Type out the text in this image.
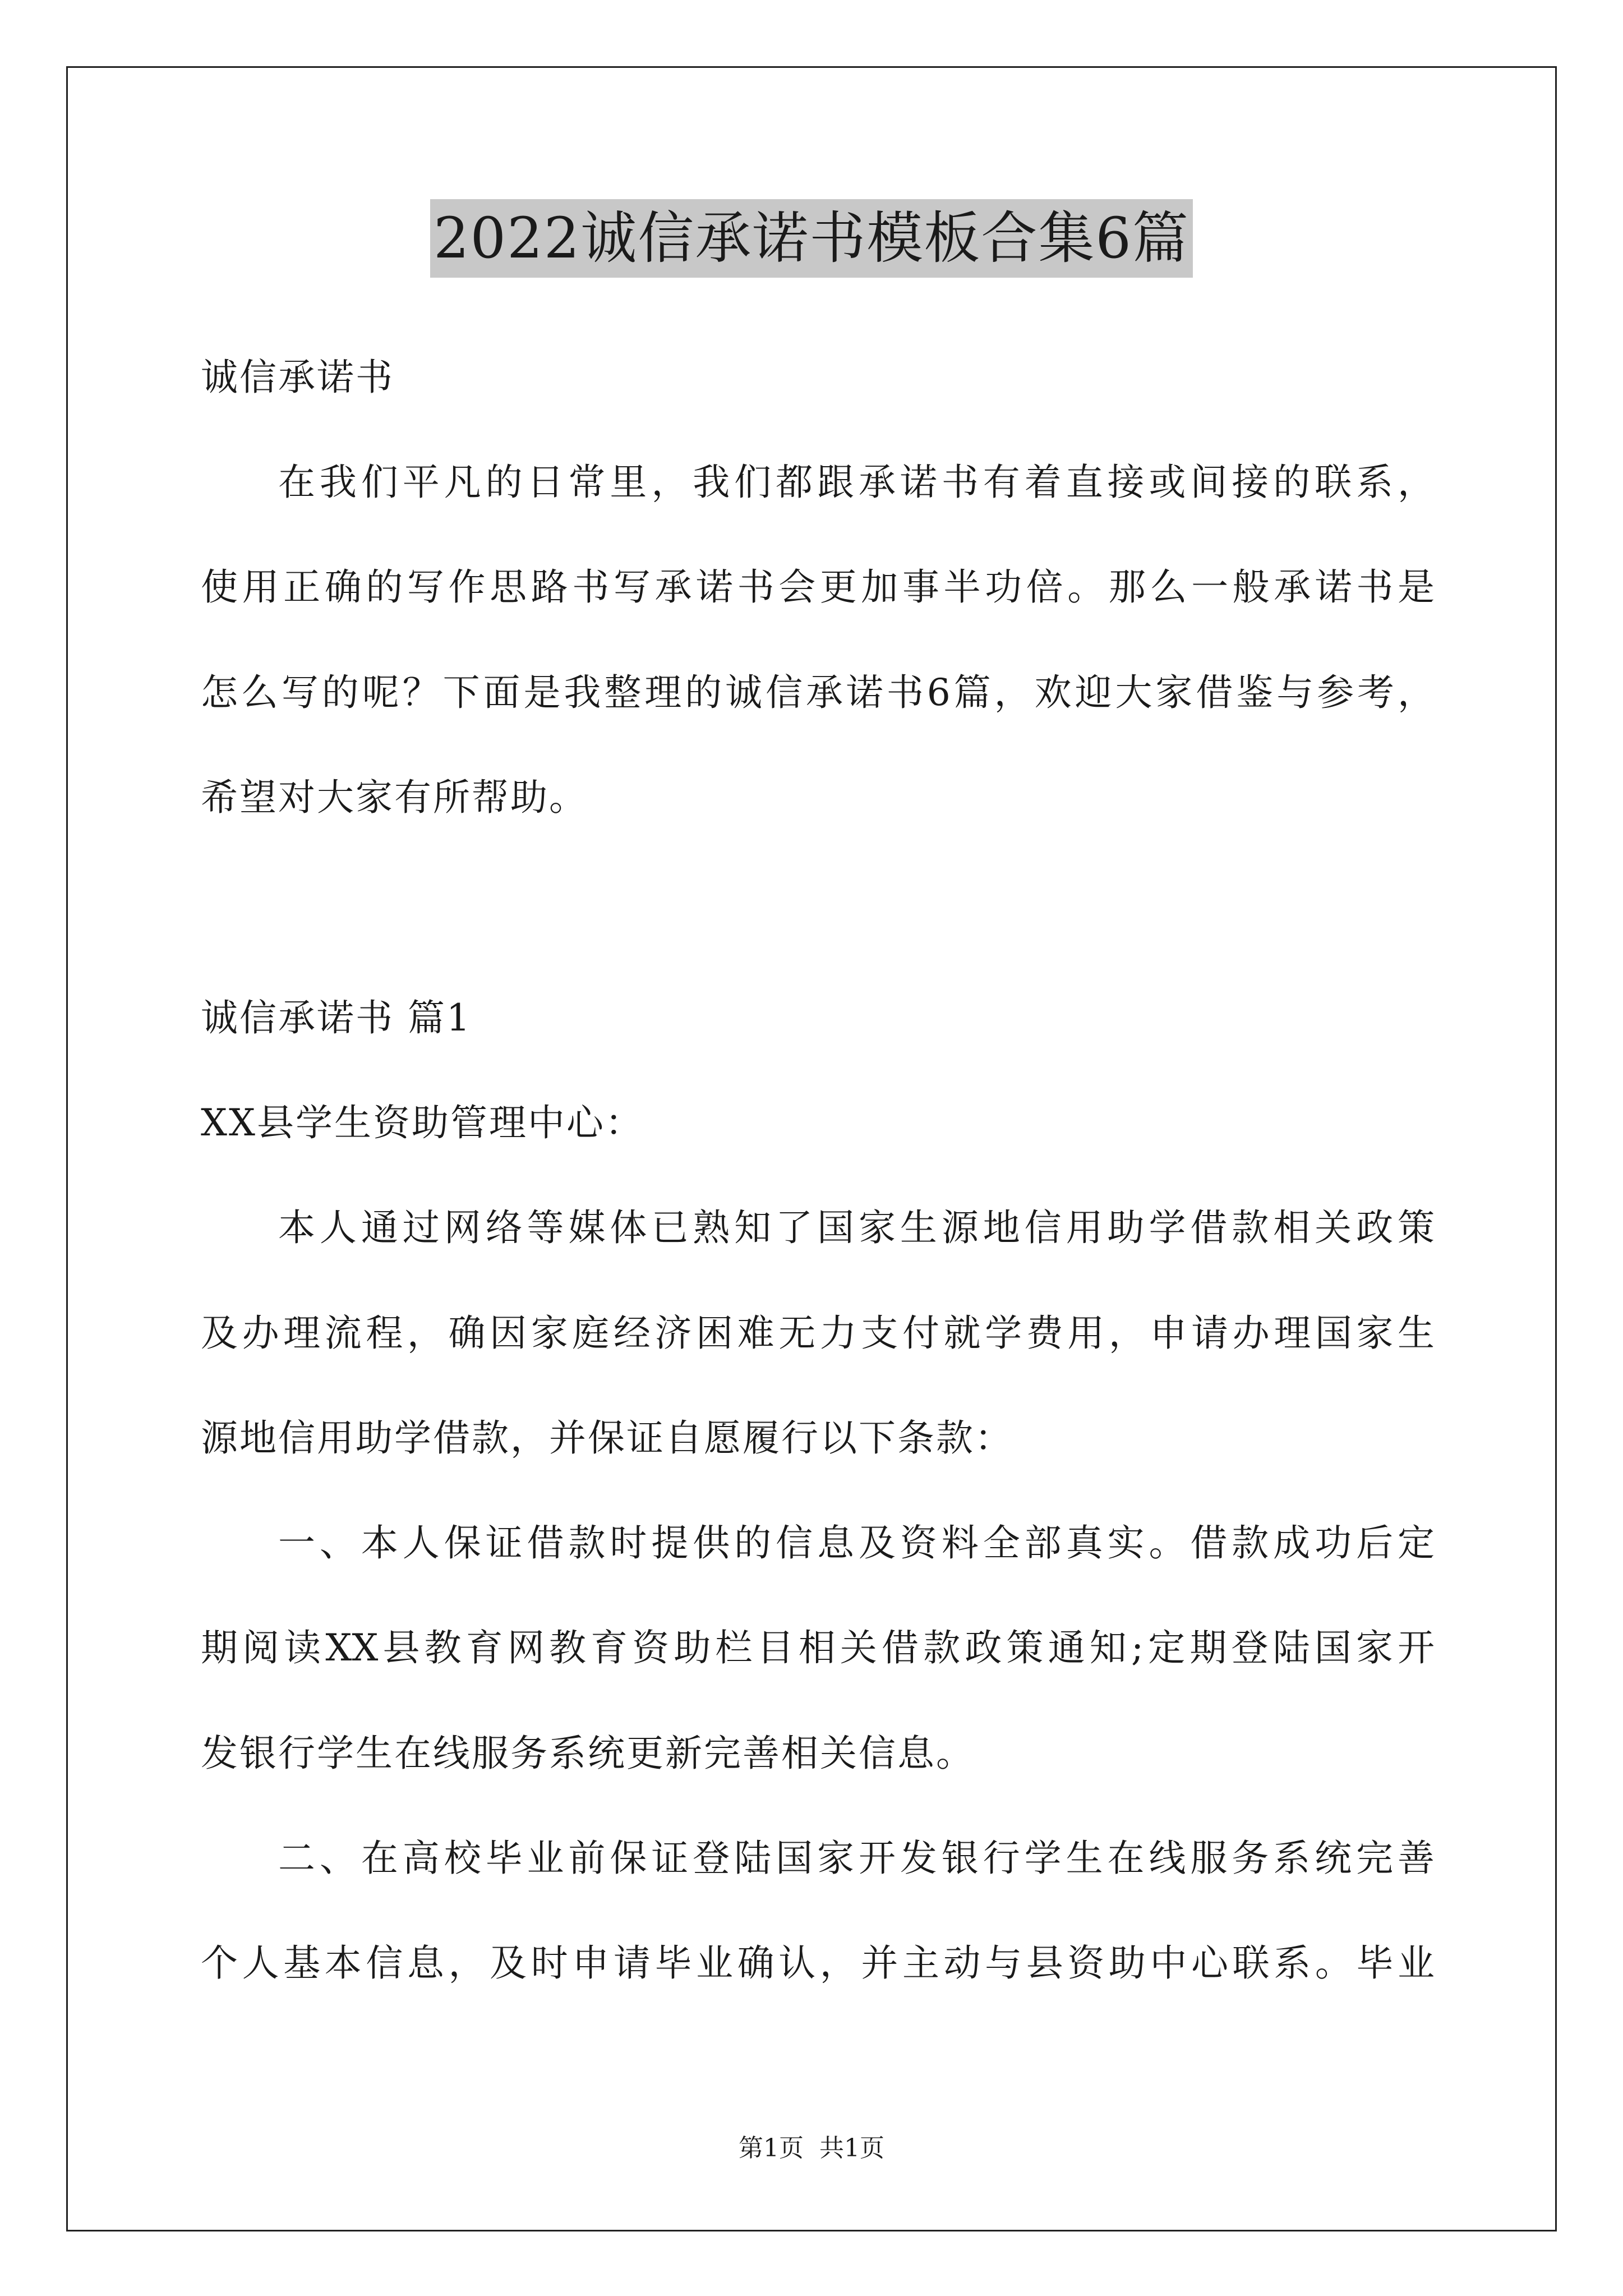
2022诚信承诺书模板合集6篇
诚信承诺书
在我们平凡的日常里，我们都跟承诺书有着直接或间接的联系，
使用正确的写作思路书写承诺书会更加事半功倍。那么一般承诺书是
怎么写的呢？下面是我整理的诚信承诺书6篇，欢迎大家借鉴与参考，
希望对大家有所帮助。
诚信承诺书 篇1
XX县学生资助管理中心：
本人通过网络等媒体已熟知了国家生源地信用助学借款相关政策
及办理流程，确因家庭经济困难无力支付就学费用，申请办理国家生
源地信用助学借款，并保证自愿履行以下条款：
一、本人保证借款时提供的信息及资料全部真实。借款成功后定
期阅读XX县教育网教育资助栏目相关借款政策通知;定期登陆国家开
发银行学生在线服务系统更新完善相关信息。
二、在高校毕业前保证登陆国家开发银行学生在线服务系统完善
个人基本信息，及时申请毕业确认，并主动与县资助中心联系。毕业
第1页 共1页
